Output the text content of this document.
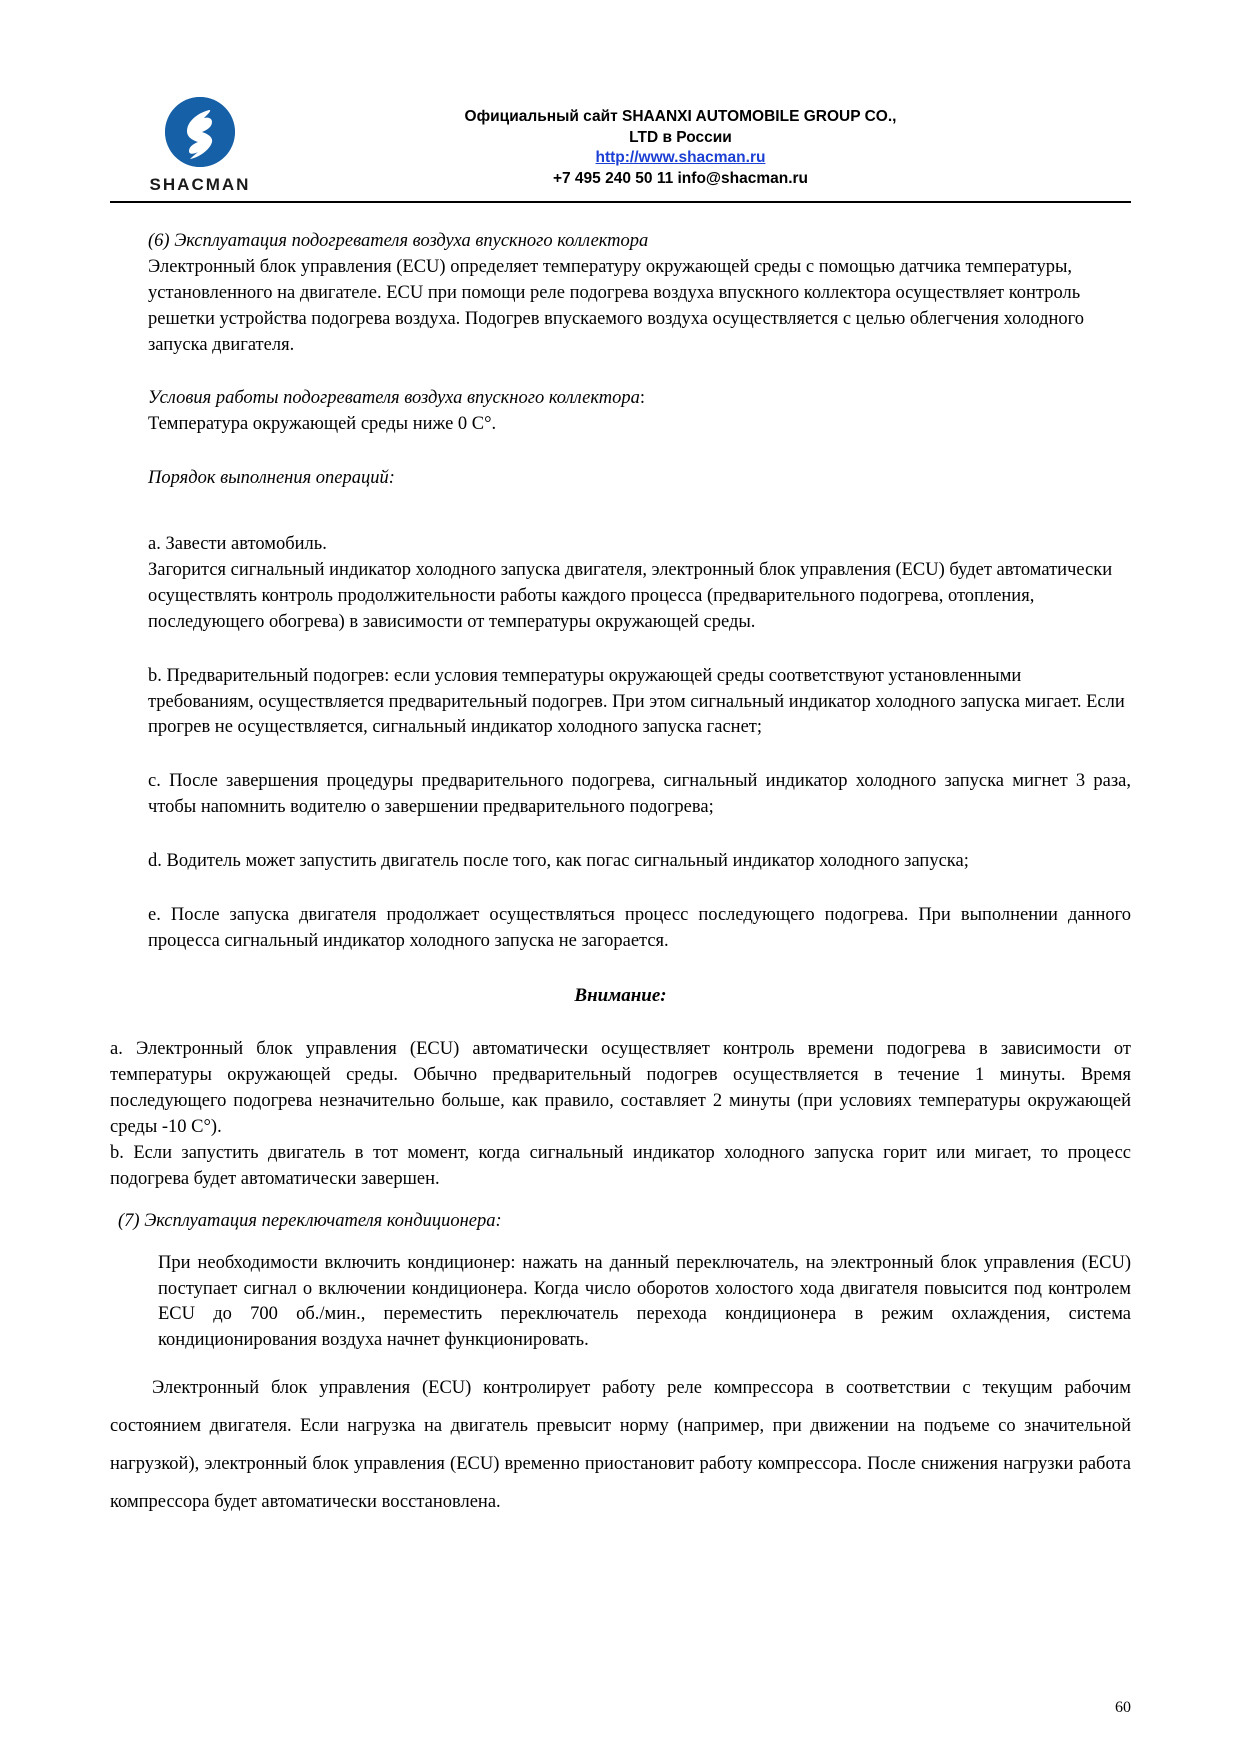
SHACMAN
Официальный сайт SHAANXI AUTOMOBILE GROUP CO.,
LTD в России
http://www.shacman.ru
+7 495 240 50 11 info@shacman.ru

(6) Эксплуатация подогревателя воздуха впускного коллектора

Электронный блок управления (ECU) определяет температуру окружающей среды с помощью датчика температуры, установленного на двигателе. ECU при помощи реле подогрева воздуха впускного коллектора осуществляет контроль решетки устройства подогрева воздуха. Подогрев впускаемого воздуха осуществляется с целью облегчения холодного запуска двигателя.

Условия работы подогревателя воздуха впускного коллектора:

Температура окружающей среды ниже 0 C°.

Порядок выполнения операций:

a. Завести автомобиль.

Загорится сигнальный индикатор холодного запуска двигателя, электронный блок управления (ECU) будет автоматически осуществлять контроль продолжительности работы каждого процесса (предварительного подогрева, отопления, последующего обогрева) в зависимости от температуры окружающей среды.

b. Предварительный подогрев: если условия температуры окружающей среды соответствуют установленными требованиям, осуществляется предварительный подогрев. При этом сигнальный индикатор холодного запуска мигает. Если прогрев не осуществляется, сигнальный индикатор холодного запуска гаснет;

c. После завершения процедуры предварительного подогрева, сигнальный индикатор холодного запуска мигнет 3 раза, чтобы напомнить водителю о завершении предварительного подогрева;

d. Водитель может запустить двигатель после того, как погас сигнальный индикатор холодного запуска;

e. После запуска двигателя продолжает осуществляться процесс последующего подогрева. При выполнении данного процесса сигнальный индикатор холодного запуска не загорается.

Внимание:

a. Электронный блок управления (ECU) автоматически осуществляет контроль времени подогрева в зависимости от температуры окружающей среды. Обычно предварительный подогрев осуществляется в течение 1 минуты. Время последующего подогрева незначительно больше, как правило, составляет 2 минуты (при условиях температуры окружающей среды -10 C°).

b. Если запустить двигатель в тот момент, когда сигнальный индикатор холодного запуска горит или мигает, то процесс подогрева будет автоматически завершен.

(7) Эксплуатация переключателя кондиционера:

При необходимости включить кондиционер: нажать на данный переключатель, на электронный блок управления (ECU) поступает сигнал о включении кондиционера. Когда число оборотов холостого хода двигателя повысится под контролем ECU до 700 об./мин., переместить переключатель перехода кондиционера в режим охлаждения, система кондиционирования воздуха начнет функционировать.

Электронный блок управления (ECU) контролирует работу реле компрессора в соответствии с текущим рабочим состоянием двигателя. Если нагрузка на двигатель превысит норму (например, при движении на подъеме со значительной нагрузкой), электронный блок управления (ECU) временно приостановит работу компрессора. После снижения нагрузки работа компрессора будет автоматически восстановлена.

60
